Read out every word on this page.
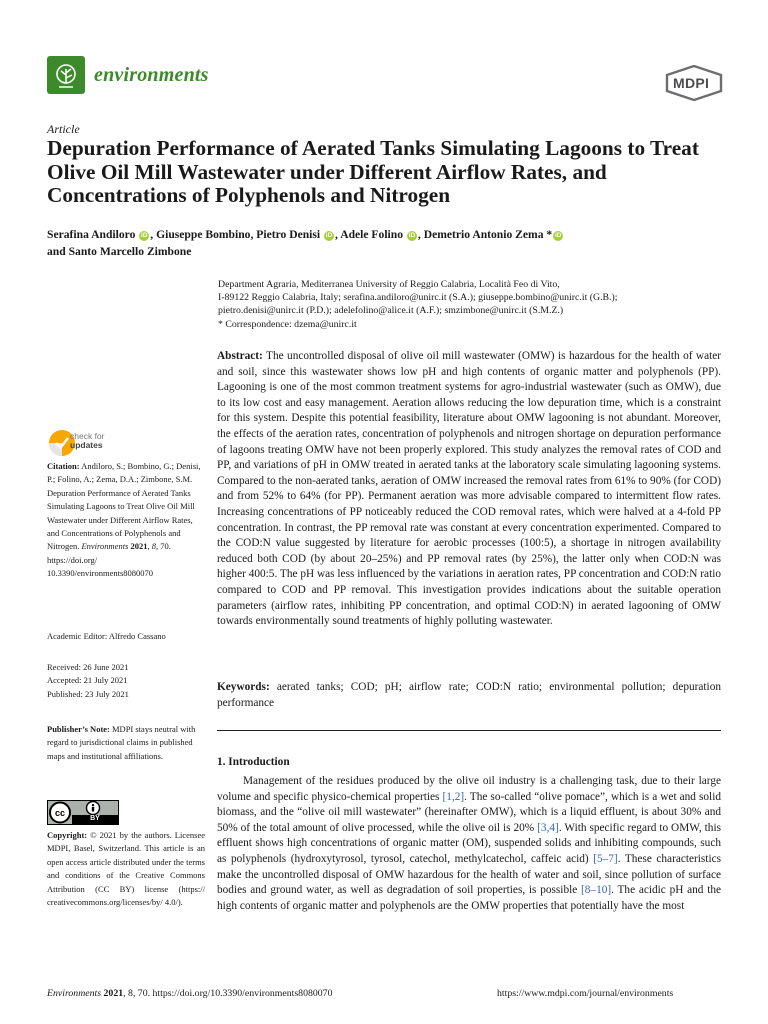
environments	MDPI
Article
Depuration Performance of Aerated Tanks Simulating Lagoons to Treat Olive Oil Mill Wastewater under Different Airflow Rates, and Concentrations of Polyphenols and Nitrogen
Serafina Andiloro iD , Giuseppe Bombino, Pietro Denisi iD , Adele Folino iD , Demetrio Antonio Zema * iD
and Santo Marcello Zimbone
Department Agraria, Mediterranea University of Reggio Calabria, Località Feo di Vito,
I-89122 Reggio Calabria, Italy; serafina.andiloro@unirc.it (S.A.); giuseppe.bombino@unirc.it (G.B.);
pietro.denisi@unirc.it (P.D.); adelefolino@alice.it (A.F.); smzimbone@unirc.it (S.M.Z.)
* Correspondence: dzema@unirc.it
Abstract: The uncontrolled disposal of olive oil mill wastewater (OMW) is hazardous for the health of water and soil, since this wastewater shows low pH and high contents of organic matter and polyphenols (PP). Lagooning is one of the most common treatment systems for agro-industrial wastewater (such as OMW), due to its low cost and easy management. Aeration allows reducing the low depuration time, which is a constraint for this system. Despite this potential feasibility, literature about OMW lagooning is not abundant. Moreover, the effects of the aeration rates, concentration of polyphenols and nitrogen shortage on depuration performance of lagoons treating OMW have not been properly explored. This study analyzes the removal rates of COD and PP, and variations of pH in OMW treated in aerated tanks at the laboratory scale simulating lagooning systems. Compared to the non-aerated tanks, aeration of OMW increased the removal rates from 61% to 90% (for COD) and from 52% to 64% (for PP). Permanent aeration was more advisable compared to intermittent flow rates. Increasing concentrations of PP noticeably reduced the COD removal rates, which were halved at a 4-fold PP concentration. In contrast, the PP removal rate was constant at every concentration experimented. Compared to the COD:N value suggested by literature for aerobic processes (100:5), a shortage in nitrogen availability reduced both COD (by about 20–25%) and PP removal rates (by 25%), the latter only when COD:N was higher 400:5. The pH was less influenced by the variations in aeration rates, PP concentration and COD:N ratio compared to COD and PP removal. This investigation provides indications about the suitable operation parameters (airflow rates, inhibiting PP concentration, and optimal COD:N) in aerated lagooning of OMW towards environmentally sound treatments of highly polluting wastewater.
Keywords: aerated tanks; COD; pH; airflow rate; COD:N ratio; environmental pollution; depuration performance
1. Introduction
Management of the residues produced by the olive oil industry is a challenging task, due to their large volume and specific physico-chemical properties [1,2]. The so-called “olive pomace”, which is a wet and solid biomass, and the “olive oil mill wastewater” (hereinafter OMW), which is a liquid effluent, is about 30% and 50% of the total amount of olive processed, while the olive oil is 20% [3,4]. With specific regard to OMW, this effluent shows high concentrations of organic matter (OM), suspended solids and inhibiting compounds, such as polyphenols (hydroxytyrosol, tyrosol, catechol, methylcatechol, caffeic acid) [5–7]. These characteristics make the uncontrolled disposal of OMW hazardous for the health of water and soil, since pollution of surface bodies and ground water, as well as degradation of soil properties, is possible [8–10]. The acidic pH and the high contents of organic matter and polyphenols are the OMW properties that potentially have the most
check for
updates
Citation: Andiloro, S.; Bombino, G.; Denisi, P.; Folino, A.; Zema, D.A.; Zimbone, S.M. Depuration Performance of Aerated Tanks Simulating Lagoons to Treat Olive Oil Mill Wastewater under Different Airflow Rates, and Concentrations of Polyphenols and Nitrogen. Environments 2021, 8, 70.
https://doi.org/
10.3390/environments8080070
Academic Editor: Alfredo Cassano
Received: 26 June 2021
Accepted: 21 July 2021
Published: 23 July 2021
Publisher’s Note: MDPI stays neutral with regard to jurisdictional claims in published maps and institutional affiliations.
cc	BY
Copyright: © 2021 by the authors. Licensee MDPI, Basel, Switzerland. This article is an open access article distributed under the terms and conditions of the Creative Commons Attribution (CC BY) license (https:// creativecommons.org/licenses/by/ 4.0/).
Environments 2021, 8, 70. https://doi.org/10.3390/environments8080070	https://www.mdpi.com/journal/environments
